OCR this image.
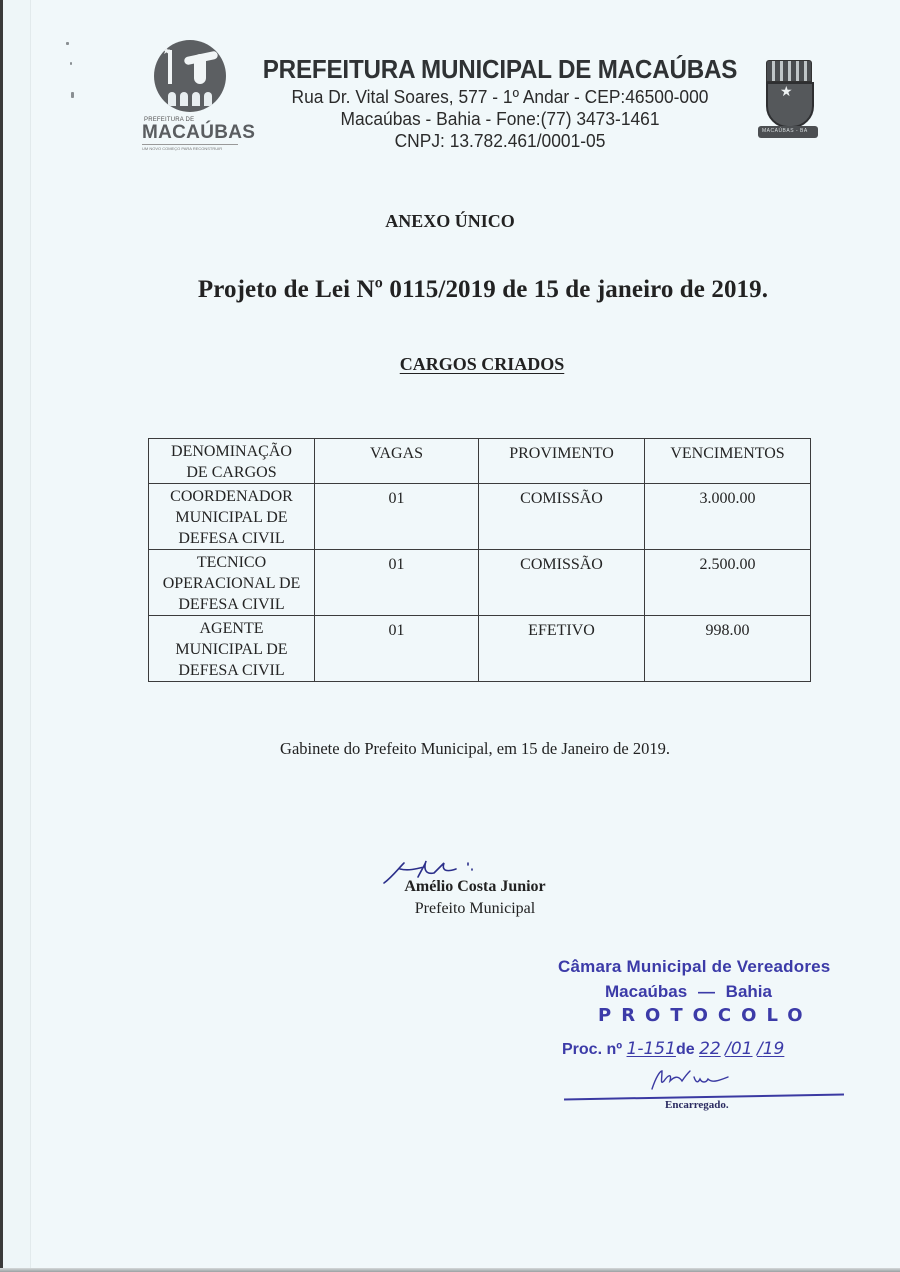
★
PREFEITURA DE
MACAÚBAS
UM NOVO COMEÇO PARA RECONSTRUIR
PREFEITURA MUNICIPAL DE MACAÚBAS
Rua Dr. Vital Soares, 577 - 1º Andar - CEP:46500-000
Macaúbas - Bahia - Fone:(77) 3473-1461
CNPJ: 13.782.461/0001-05
★
MACAÚBAS - BA
ANEXO ÚNICO
Projeto de Lei Nº 0115/2019 de 15 de janeiro de 2019.
CARGOS CRIADOS
DENOMINAÇÃO
DE CARGOS	VAGAS	PROVIMENTO	VENCIMENTOS

COORDENADOR
MUNICIPAL DE
DEFESA CIVIL	01	COMISSÃO	3.000.00

TECNICO
OPERACIONAL DE
DEFESA CIVIL	01	COMISSÃO	2.500.00

AGENTE
MUNICIPAL DE
DEFESA CIVIL	01	EFETIVO	998.00
Gabinete do Prefeito Municipal, em 15 de Janeiro de 2019.
Amélio Costa Junior
Prefeito Municipal
Câmara Municipal de Vereadores
Macaúbas — Bahia
PROTOCOLO
Proc. nº 1-151de 22 /01 /19
Encarregado.
